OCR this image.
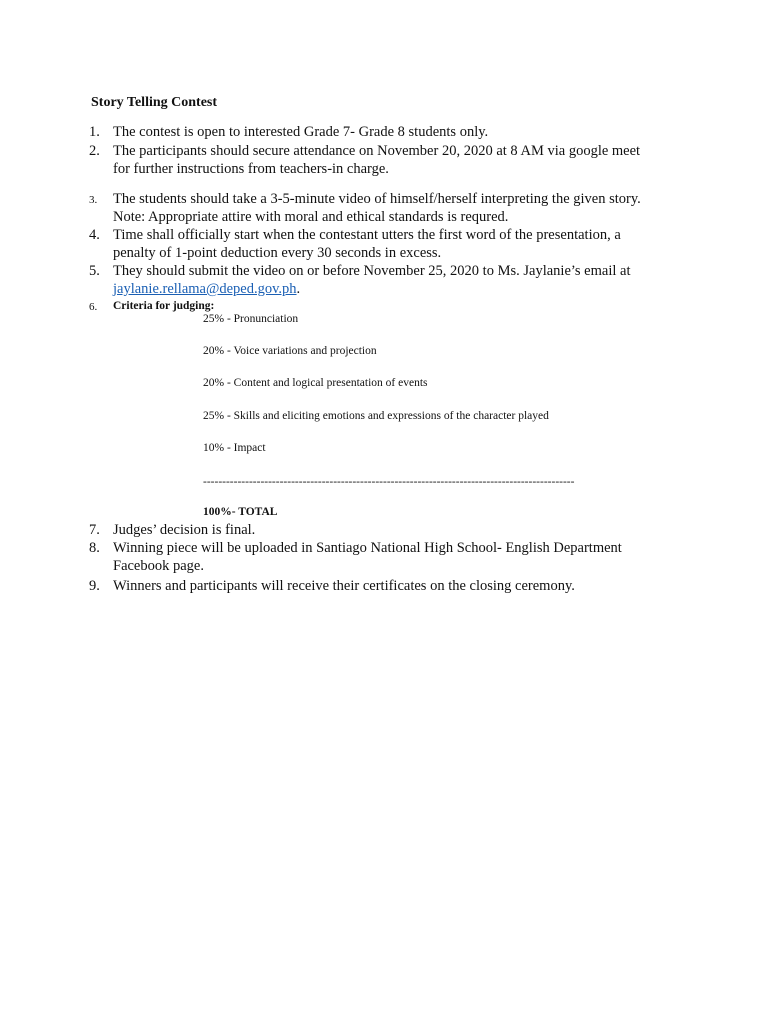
Story Telling Contest
1. The contest is open to interested Grade 7- Grade 8 students only.
2. The participants should secure attendance on November 20, 2020 at 8 AM via google meet
for further instructions from teachers-in charge.
3. The students should take a 3-5-minute video of himself/herself interpreting the given story.
Note: Appropriate attire with moral and ethical standards is requred.
4. Time shall officially start when the contestant utters the first word of the presentation, a
penalty of 1-point deduction every 30 seconds in excess.
5. They should submit the video on or before November 25, 2020 to Ms. Jaylanie’s email at
jaylanie.rellama@deped.gov.ph.
6. Criteria for judging:
25% - Pronunciation
20% - Voice variations and projection
20% - Content and logical presentation of events
25% - Skills and eliciting emotions and expressions of the character played
10% - Impact
-------------------------------------------------------------------------------------------------
100%- TOTAL
7. Judges’ decision is final.
8. Winning piece will be uploaded in Santiago National High School- English Department
Facebook page.
9. Winners and participants will receive their certificates on the closing ceremony.
